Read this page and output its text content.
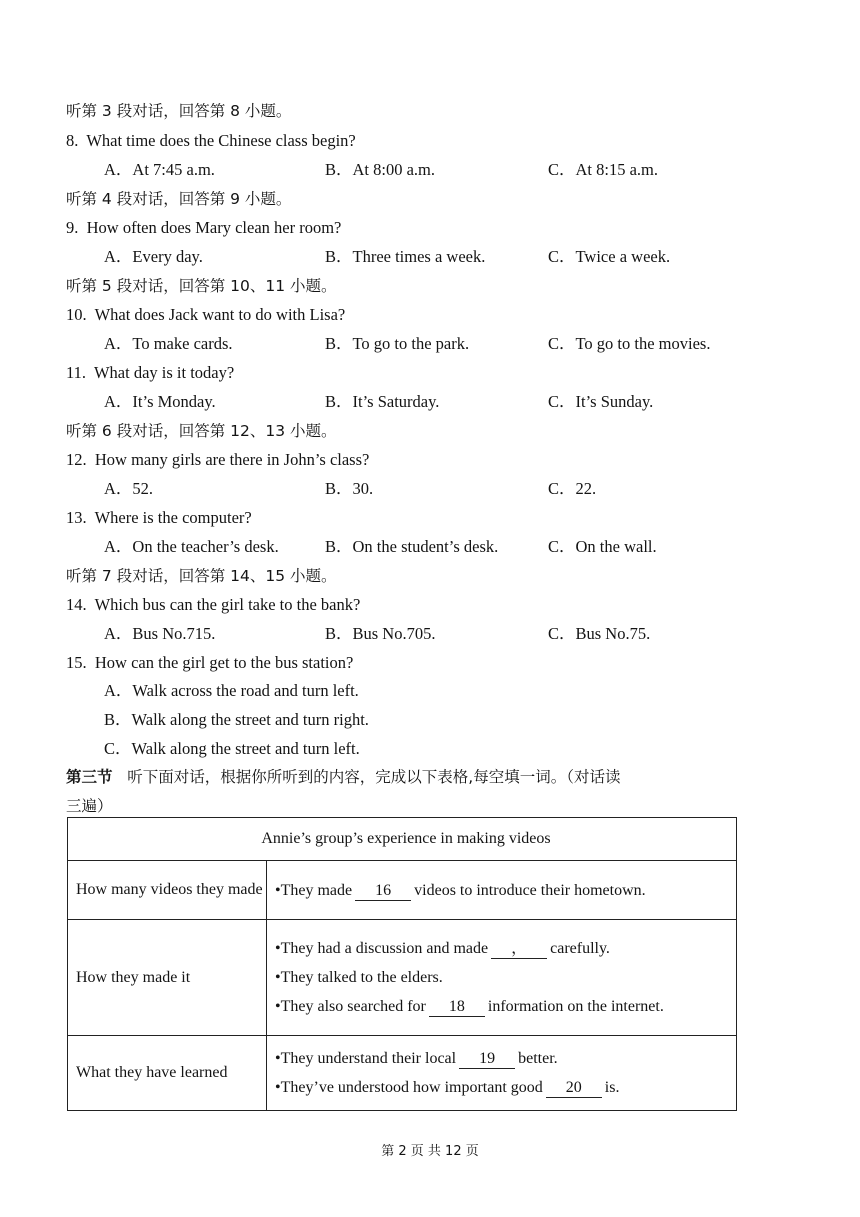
听第 3 段对话，回答第 8 小题。
8. What time does the Chinese class begin?
A．At 7:45 a.m.	B．At 8:00 a.m.	C．At 8:15 a.m.
听第 4 段对话，回答第 9 小题。
9. How often does Mary clean her room?
A．Every day.	B．Three times a week.	C．Twice a week.
听第 5 段对话，回答第 10、11 小题。
10. What does Jack want to do with Lisa?
A．To make cards.	B．To go to the park.	C．To go to the movies.
11. What day is it today?
A．It’s Monday.	B．It’s Saturday.	C．It’s Sunday.
听第 6 段对话，回答第 12、13 小题。
12. How many girls are there in John’s class?
A．52.	B．30.	C．22.
13. Where is the computer?
A．On the teacher’s desk.	B．On the student’s desk.	C．On the wall.
听第 7 段对话，回答第 14、15 小题。
14. Which bus can the girl take to the bank?
A．Bus No.715.	B．Bus No.705.	C．Bus No.75.
15. How can the girl get to the bus station?
A．Walk across the road and turn left.
B．Walk along the street and turn right.
C．Walk along the street and turn left.
第三节 听下面对话，根据你所听到的内容，完成以下表格,每空填一词。（对话读
三遍）
Annie’s group’s experience in making videos	
How many videos they made	•They made 16 videos to introduce their hometown.

How they made it	•They had a discussion and made ， carefully.
•They talked to the elders.
•They also searched for 18 information on the internet.

What they have learned	•They understand their local 19 better.
•They’ve understood how important good 20 is.
第 2 页 共 12 页
